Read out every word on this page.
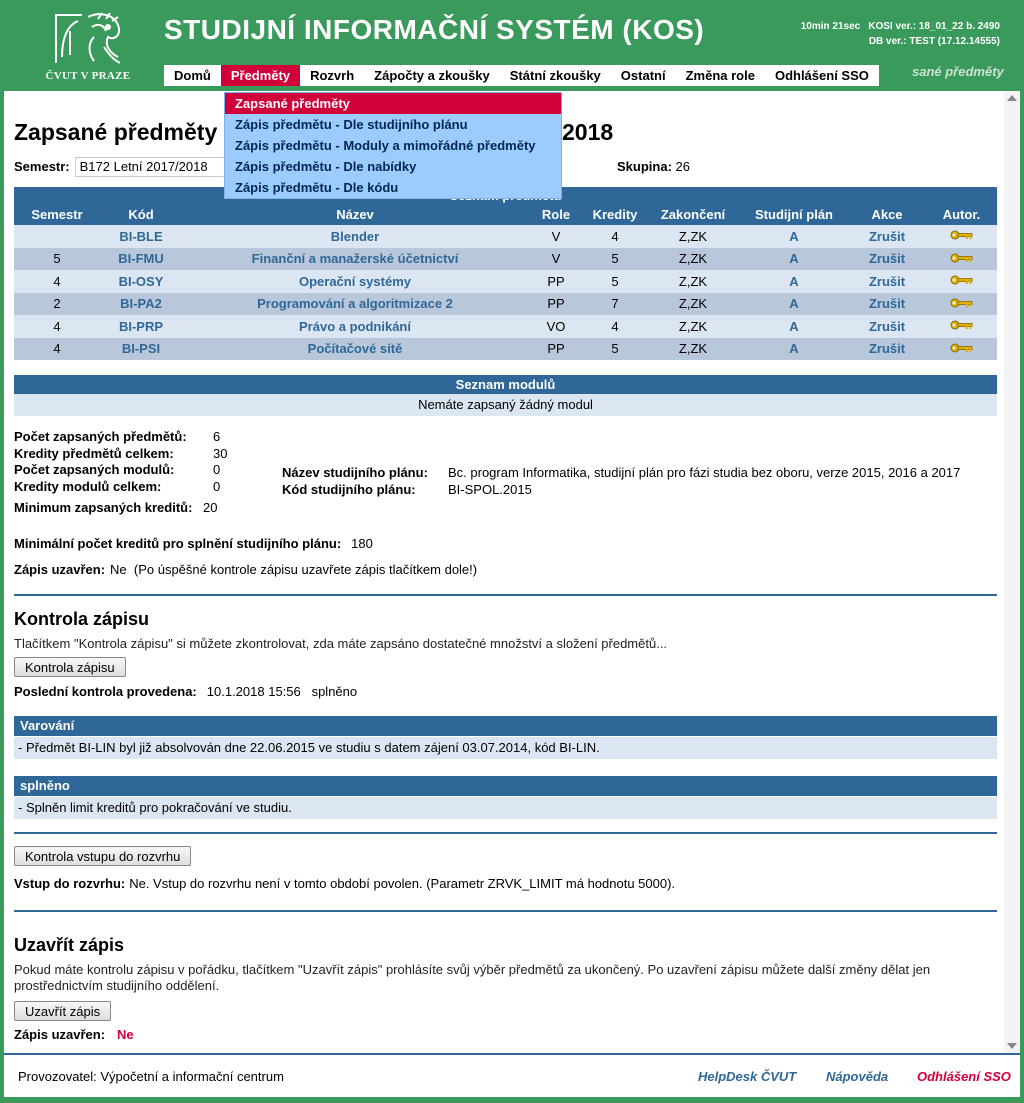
ČVUT V PRAZE
STUDIJNÍ INFORMAČNÍ SYSTÉM (KOS)	10min 21sec KOSI ver.: 18_01_22 b. 2490
DB ver.: TEST (17.12.14555)
Domů	Předměty	Rozvrh	Zápočty a zkoušky	Státní zkoušky	Ostatní	Změna role	Odhlášení SSO	sané předměty
Zapsané předměty
Zápis předmětu - Dle studijního plánu
Zápis předmětu - Moduly a mimořádné předměty
Zápis předmětu - Dle nabídky
Zápis předmětu - Dle kódu
Zapsané předměty	2018
Semestr: B172 Letní 2017/2018	Skupina: 26

Semestr	Kód	Název	Role	Kredity	Zakončení	Studijní plán	Akce	Autor.
	BI-BLE	Blender	V	4	Z,ZK	A	Zrušit	
5	BI-FMU	Finanční a manažerské účetnictví	V	5	Z,ZK	A	Zrušit	
4	BI-OSY	Operační systémy	PP	5	Z,ZK	A	Zrušit	
2	BI-PA2	Programování a algoritmizace 2	PP	7	Z,ZK	A	Zrušit	
4	BI-PRP	Právo a podnikání	VO	4	Z,ZK	A	Zrušit	
4	BI-PSI	Počítačové sítě	PP	5	Z,ZK	A	Zrušit	
Seznam modulů
Nemáte zapsaný žádný modul
Počet zapsaných předmětů: 6
Kredity předmětů celkem:	30
Počet zapsaných modulů:	0
Kredity modulů celkem:	0
Minimum zapsaných kreditů: 20
Název studijního plánu: Bc. program Informatika, studijní plán pro fázi studia bez oboru, verze 2015, 2016 a 2017
Kód studijního plánu: BI-SPOL.2015
Minimální počet kreditů pro splnění studijního plánu: 180
Zápis uzavřen: Ne  (Po úspěšné kontrole zápisu uzavřete zápis tlačítkem dole!)
Kontrola zápisu
Tlačítkem "Kontrola zápisu" si můžete zkontrolovat, zda máte zapsáno dostatečné množství a složení předmětů...
Kontrola zápisu
Poslední kontrola provedena: 10.1.2018 15:56   splněno
Varování
- Předmět BI-LIN byl již absolvován dne 22.06.2015 ve studiu s datem zájení 03.07.2014, kód BI-LIN.
splněno
- Splněn limit kreditů pro pokračování ve studiu.
Kontrola vstupu do rozvrhu
Vstup do rozvrhu: Ne. Vstup do rozvrhu není v tomto období povolen. (Parametr ZRVK_LIMIT má hodnotu 5000).
Uzavřít zápis
Pokud máte kontrolu zápisu v pořádku, tlačítkem "Uzavřít zápis" prohlásíte svůj výběr předmětů za ukončený. Po uzavření zápisu můžete další změny dělat jen prostřednictvím studijního oddělení.
Uzavřít zápis
Zápis uzavřen: Ne
Provozovatel: Výpočetní a informační centrum	HelpDesk ČVUT Nápověda Odhlášení SSO
